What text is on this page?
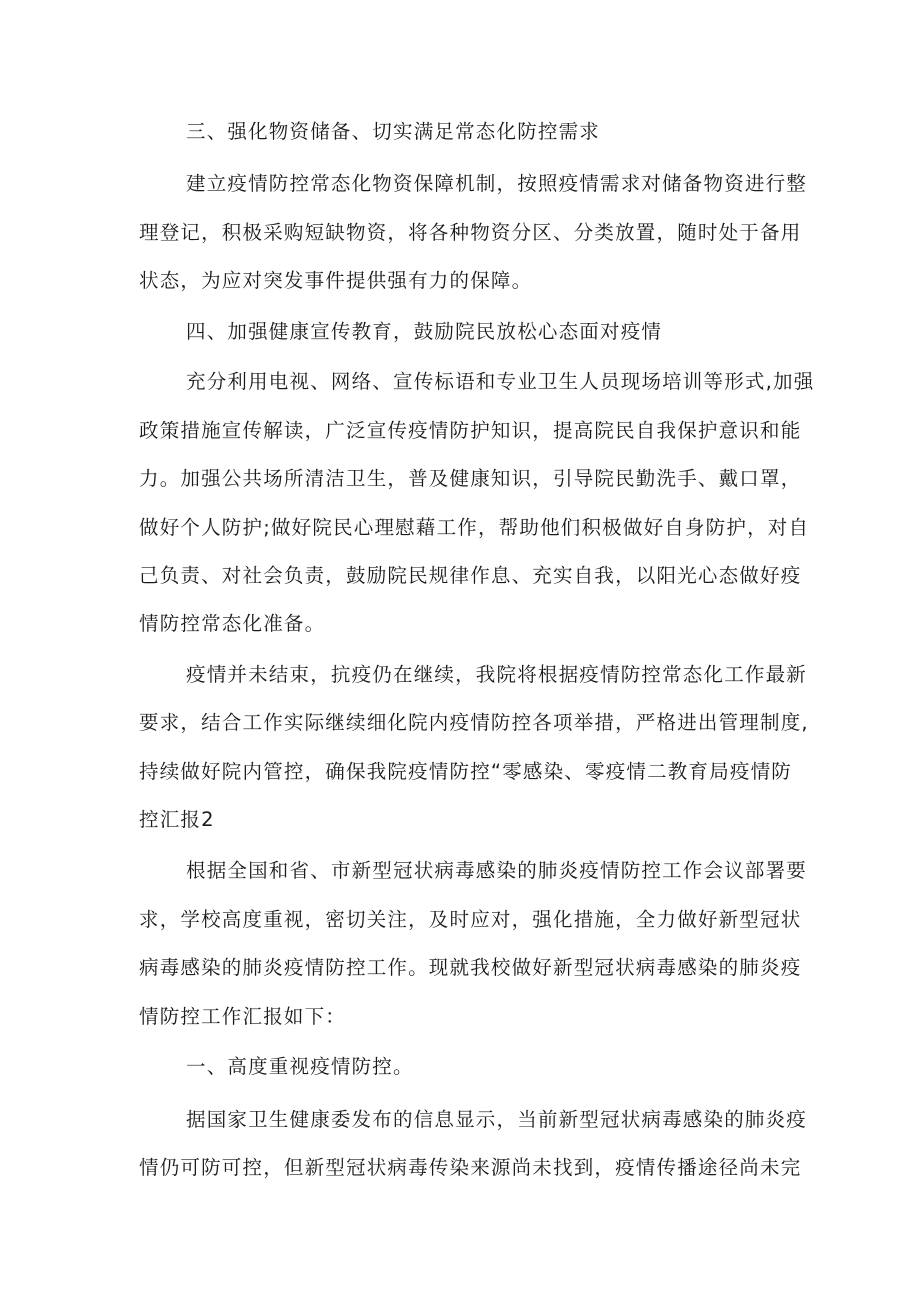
三、强化物资储备、切实满足常态化防控需求
建立疫情防控常态化物资保障机制，按照疫情需求对储备物资进行整
理登记，积极采购短缺物资，将各种物资分区、分类放置，随时处于备用
状态，为应对突发事件提供强有力的保障。
四、加强健康宣传教育，鼓励院民放松心态面对疫情
充分利用电视、网络、宣传标语和专业卫生人员现场培训等形式,加强
政策措施宣传解读，广泛宣传疫情防护知识，提高院民自我保护意识和能
力。加强公共场所清洁卫生，普及健康知识，引导院民勤洗手、戴口罩，
做好个人防护;做好院民心理慰藉工作，帮助他们积极做好自身防护，对自
己负责、对社会负责，鼓励院民规律作息、充实自我，以阳光心态做好疫
情防控常态化准备。
疫情并未结束，抗疫仍在继续，我院将根据疫情防控常态化工作最新
要求，结合工作实际继续细化院内疫情防控各项举措，严格进出管理制度,
持续做好院内管控，确保我院疫情防控“零感染、零疫情二教育局疫情防
控汇报2
根据全国和省、市新型冠状病毒感染的肺炎疫情防控工作会议部署要
求，学校高度重视，密切关注，及时应对，强化措施，全力做好新型冠状
病毒感染的肺炎疫情防控工作。现就我校做好新型冠状病毒感染的肺炎疫
情防控工作汇报如下：
一、高度重视疫情防控。
据国家卫生健康委发布的信息显示，当前新型冠状病毒感染的肺炎疫
情仍可防可控，但新型冠状病毒传染来源尚未找到，疫情传播途径尚未完
